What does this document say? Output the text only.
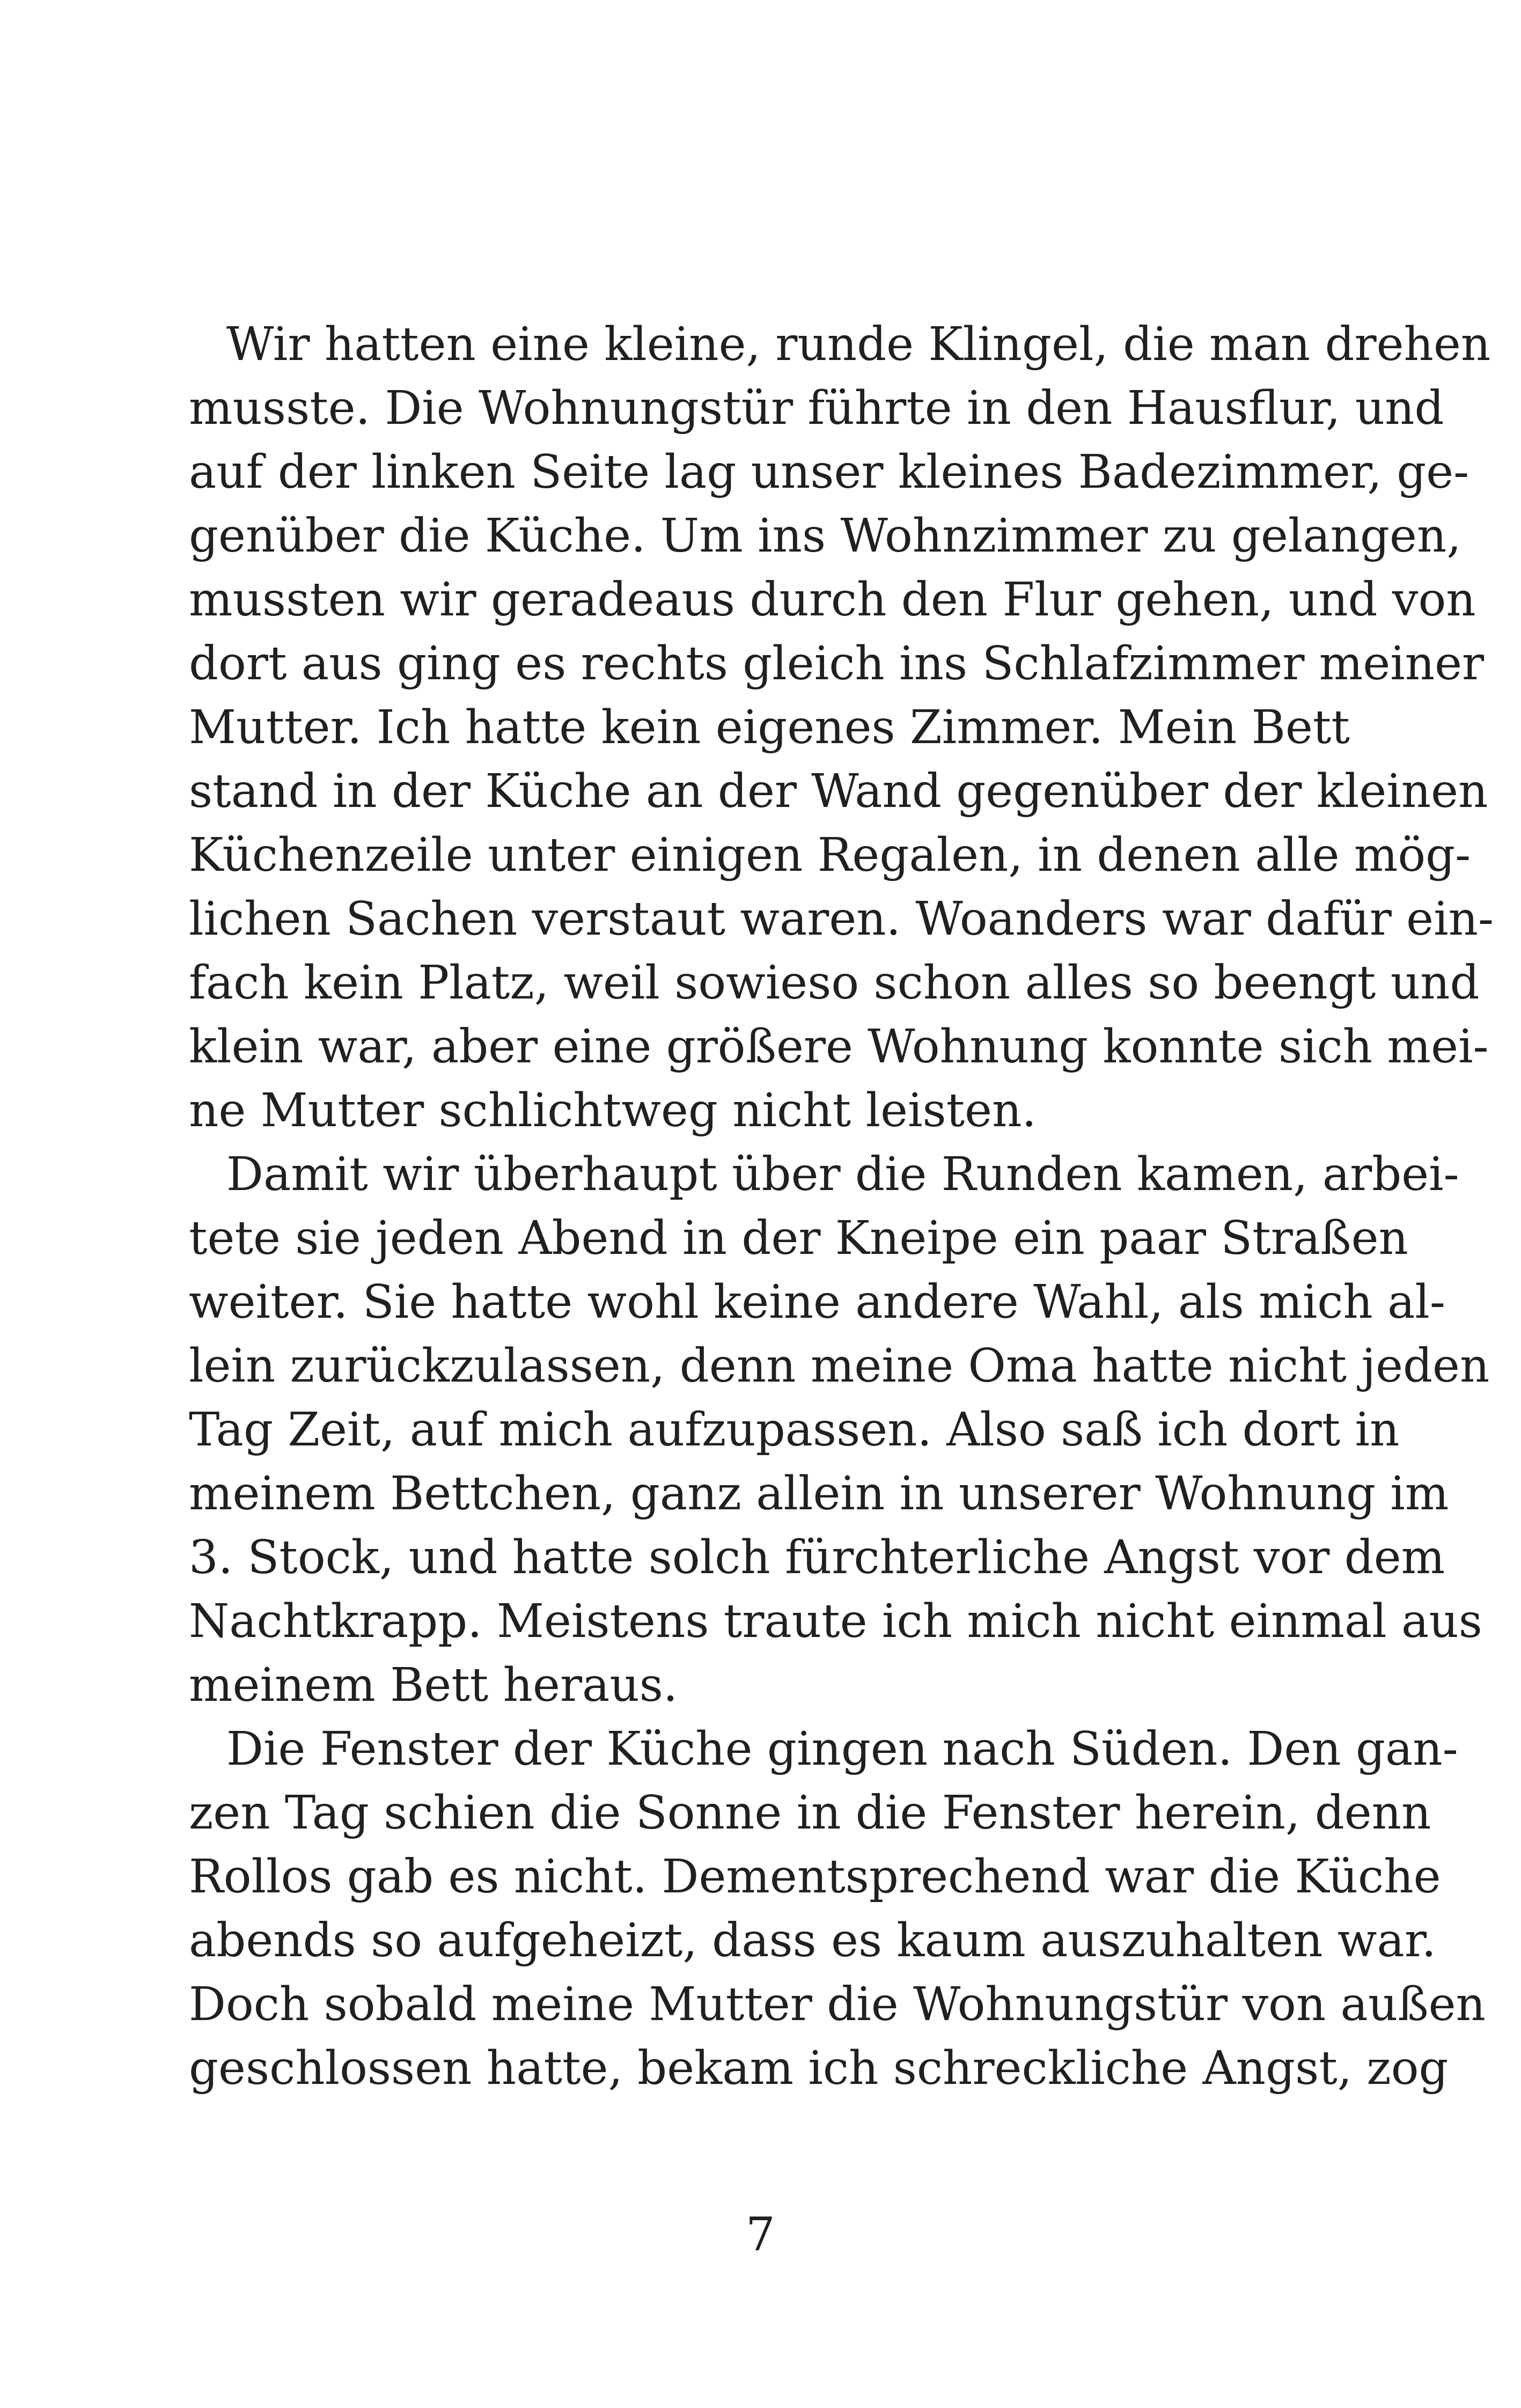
Wir hatten eine kleine, runde Klingel, die man drehen
musste. Die Wohnungstür führte in den Hausflur, und
auf der linken Seite lag unser kleines Badezimmer, ge-
genüber die Küche. Um ins Wohnzimmer zu gelangen,
mussten wir geradeaus durch den Flur gehen, und von
dort aus ging es rechts gleich ins Schlafzimmer meiner
Mutter. Ich hatte kein eigenes Zimmer. Mein Bett
stand in der Küche an der Wand gegenüber der kleinen
Küchenzeile unter einigen Regalen, in denen alle mög-
lichen Sachen verstaut waren. Woanders war dafür ein-
fach kein Platz, weil sowieso schon alles so beengt und
klein war, aber eine größere Wohnung konnte sich mei-
ne Mutter schlichtweg nicht leisten.
Damit wir überhaupt über die Runden kamen, arbei-
tete sie jeden Abend in der Kneipe ein paar Straßen
weiter. Sie hatte wohl keine andere Wahl, als mich al-
lein zurückzulassen, denn meine Oma hatte nicht jeden
Tag Zeit, auf mich aufzupassen. Also saß ich dort in
meinem Bettchen, ganz allein in unserer Wohnung im
3. Stock, und hatte solch fürchterliche Angst vor dem
Nachtkrapp. Meistens traute ich mich nicht einmal aus
meinem Bett heraus.
Die Fenster der Küche gingen nach Süden. Den gan-
zen Tag schien die Sonne in die Fenster herein, denn
Rollos gab es nicht. Dementsprechend war die Küche
abends so aufgeheizt, dass es kaum auszuhalten war.
Doch sobald meine Mutter die Wohnungstür von außen
geschlossen hatte, bekam ich schreckliche Angst, zog
7
